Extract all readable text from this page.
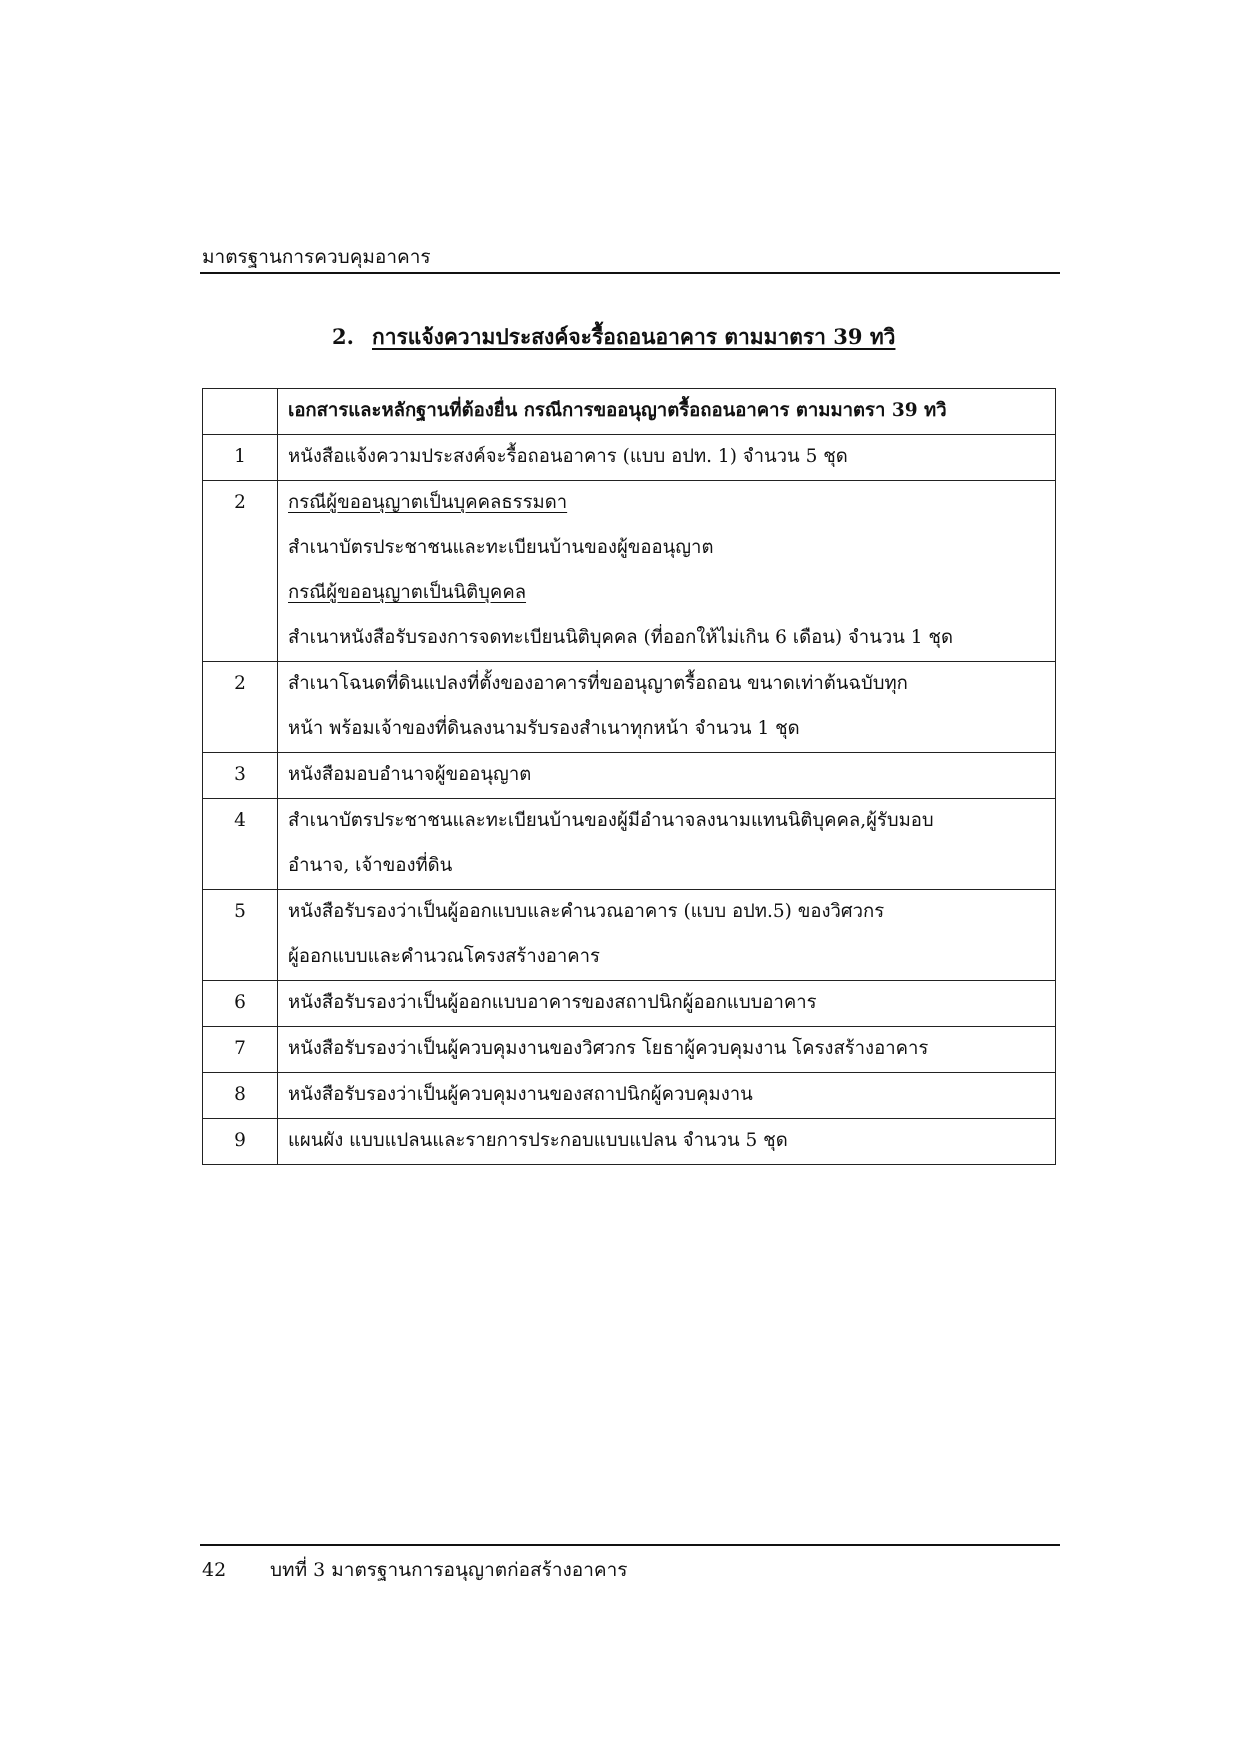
มาตรฐานการควบคุมอาคาร
2. การแจ้งความประสงค์จะรื้อถอนอาคาร ตามมาตรา 39 ทวิ
	เอกสารและหลักฐานที่ต้องยื่น กรณีการขออนุญาตรื้อถอนอาคาร ตามมาตรา 39 ทวิ
1	หนังสือแจ้งความประสงค์จะรื้อถอนอาคาร (แบบ อปท. 1) จำนวน 5 ชุด

2	กรณีผู้ขออนุญาตเป็นบุคคลธรรมดา
สำเนาบัตรประชาชนและทะเบียนบ้านของผู้ขออนุญาต
กรณีผู้ขออนุญาตเป็นนิติบุคคล
สำเนาหนังสือรับรองการจดทะเบียนนิติบุคคล (ที่ออกให้ไม่เกิน 6 เดือน) จำนวน 1 ชุด

2	สำเนาโฉนดที่ดินแปลงที่ตั้งของอาคารที่ขออนุญาตรื้อถอน ขนาดเท่าต้นฉบับทุก
หน้า พร้อมเจ้าของที่ดินลงนามรับรองสำเนาทุกหน้า จำนวน 1 ชุด

3	หนังสือมอบอำนาจผู้ขออนุญาต

4	สำเนาบัตรประชาชนและทะเบียนบ้านของผู้มีอำนาจลงนามแทนนิติบุคคล,ผู้รับมอบ
อำนาจ, เจ้าของที่ดิน

5	หนังสือรับรองว่าเป็นผู้ออกแบบและคำนวณอาคาร (แบบ อปท.5) ของวิศวกร
ผู้ออกแบบและคำนวณโครงสร้างอาคาร

6	หนังสือรับรองว่าเป็นผู้ออกแบบอาคารของสถาปนิกผู้ออกแบบอาคาร

7	หนังสือรับรองว่าเป็นผู้ควบคุมงานของวิศวกร โยธาผู้ควบคุมงาน โครงสร้างอาคาร

8	หนังสือรับรองว่าเป็นผู้ควบคุมงานของสถาปนิกผู้ควบคุมงาน

9	แผนผัง แบบแปลนและรายการประกอบแบบแปลน จำนวน 5 ชุด
42 บทที่ 3 มาตรฐานการอนุญาตก่อสร้างอาคาร
